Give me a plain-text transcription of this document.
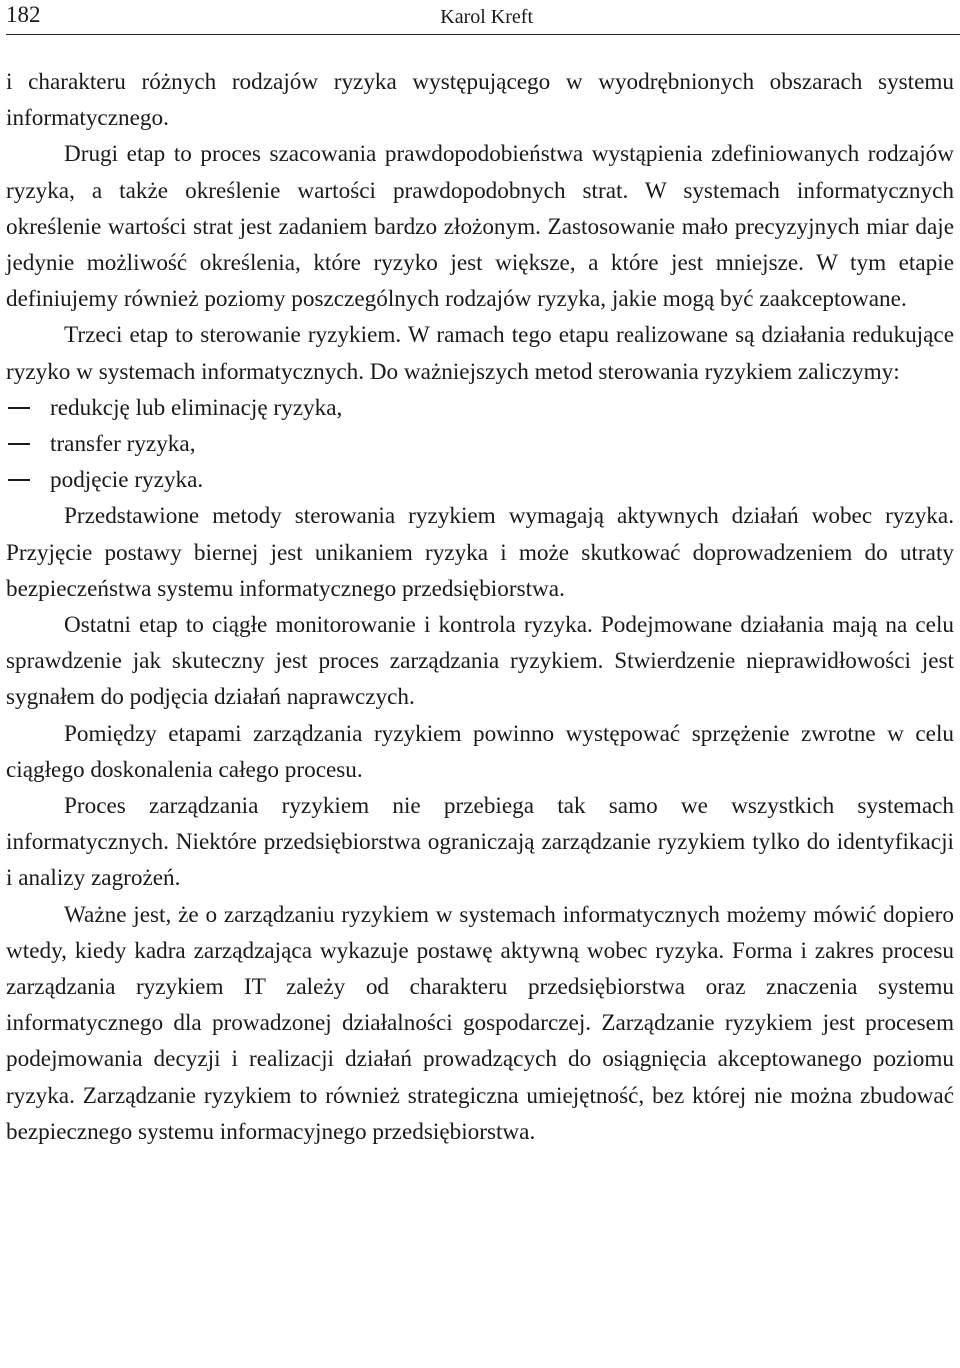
182	Karol Kreft

i charakteru różnych rodzajów ryzyka występującego w wyodrębnionych obszarach systemu informatycznego.

Drugi etap to proces szacowania prawdopodobieństwa wystąpienia zdefiniowanych rodzajów ryzyka, a także określenie wartości prawdopodobnych strat. W systemach informatycznych określenie wartości strat jest zadaniem bardzo złożonym. Zastosowanie mało precyzyjnych miar daje jedynie możliwość określenia, które ryzyko jest większe, a które jest mniejsze. W tym etapie definiujemy również poziomy poszczególnych rodzajów ryzyka, jakie mogą być zaakceptowane.

Trzeci etap to sterowanie ryzykiem. W ramach tego etapu realizowane są działania redukujące ryzyko w systemach informatycznych. Do ważniejszych metod sterowania ryzykiem zaliczymy:

redukcję lub eliminację ryzyka,
transfer ryzyka,
podjęcie ryzyka.

Przedstawione metody sterowania ryzykiem wymagają aktywnych działań wobec ryzyka. Przyjęcie postawy biernej jest unikaniem ryzyka i może skutkować doprowadzeniem do utraty bezpieczeństwa systemu informatycznego przedsiębiorstwa.

Ostatni etap to ciągłe monitorowanie i kontrola ryzyka. Podejmowane działania mają na celu sprawdzenie jak skuteczny jest proces zarządzania ryzykiem. Stwierdzenie nieprawidłowości jest sygnałem do podjęcia działań naprawczych.

Pomiędzy etapami zarządzania ryzykiem powinno występować sprzężenie zwrotne w celu ciągłego doskonalenia całego procesu.

Proces zarządzania ryzykiem nie przebiega tak samo we wszystkich systemach informatycznych. Niektóre przedsiębiorstwa ograniczają zarządzanie ryzykiem tylko do identyfikacji i analizy zagrożeń.

Ważne jest, że o zarządzaniu ryzykiem w systemach informatycznych możemy mówić dopiero wtedy, kiedy kadra zarządzająca wykazuje postawę aktywną wobec ryzyka. Forma i zakres procesu zarządzania ryzykiem IT zależy od charakteru przedsiębiorstwa oraz znaczenia systemu informatycznego dla prowadzonej działalności gospodarczej. Zarządzanie ryzykiem jest procesem podejmowania decyzji i realizacji działań prowadzących do osiągnięcia akceptowanego poziomu ryzyka. Zarządzanie ryzykiem to również strategiczna umiejętność, bez której nie można zbudować bezpiecznego systemu informacyjnego przedsiębiorstwa.
